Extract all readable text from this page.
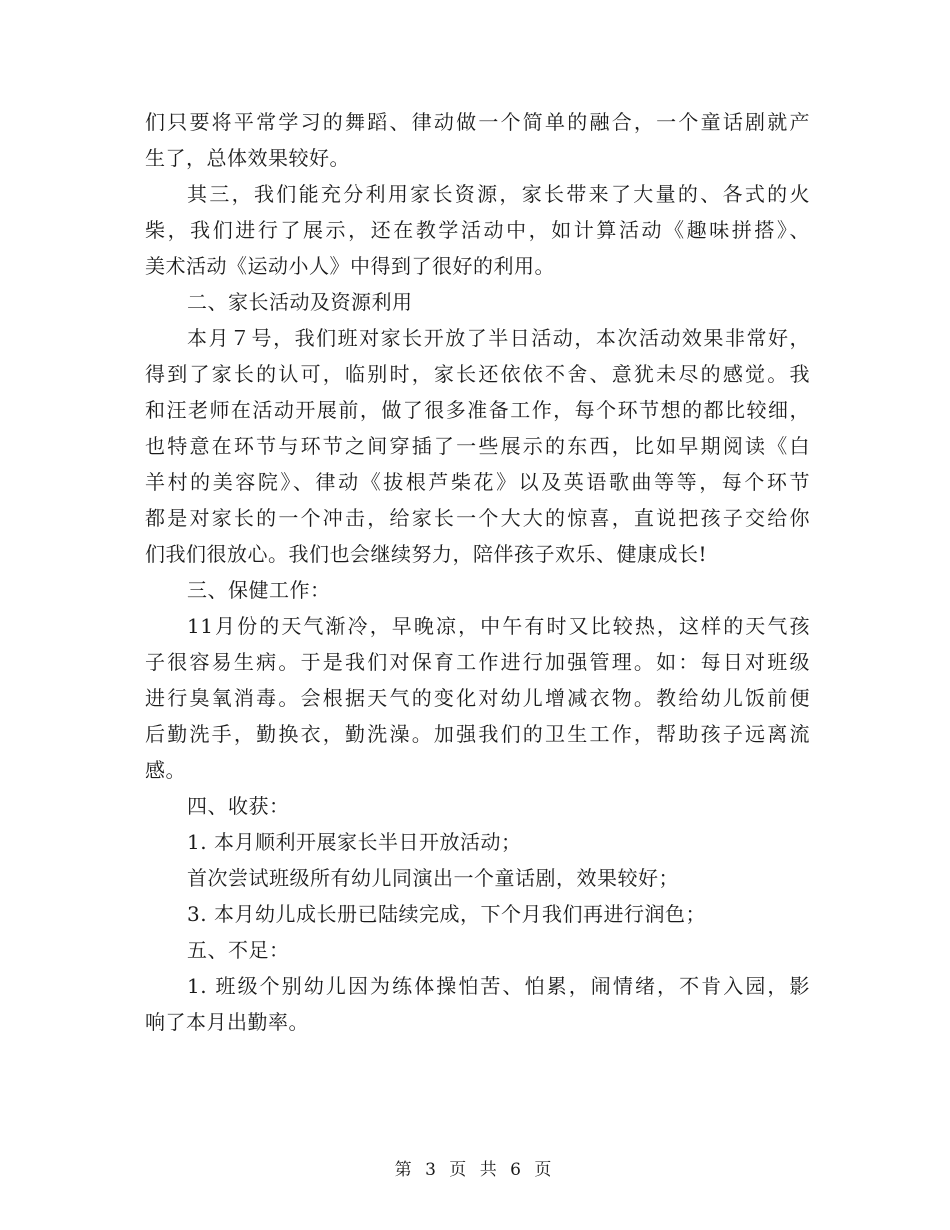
们只要将平常学习的舞蹈、律动做一个简单的融合，一个童话剧就产
生了，总体效果较好。
其三，我们能充分利用家长资源，家长带来了大量的、各式的火
柴，我们进行了展示，还在教学活动中，如计算活动《趣味拼搭》、
美术活动《运动小人》中得到了很好的利用。
二、家长活动及资源利用
本月７号，我们班对家长开放了半日活动，本次活动效果非常好，
得到了家长的认可，临别时，家长还依依不舍、意犹未尽的感觉。我
和汪老师在活动开展前，做了很多准备工作，每个环节想的都比较细，
也特意在环节与环节之间穿插了一些展示的东西，比如早期阅读《白
羊村的美容院》、律动《拔根芦柴花》以及英语歌曲等等，每个环节
都是对家长的一个冲击，给家长一个大大的惊喜，直说把孩子交给你
们我们很放心。我们也会继续努力，陪伴孩子欢乐、健康成长!
三、保健工作：
11月份的天气渐冷，早晚凉，中午有时又比较热，这样的天气孩
子很容易生病。于是我们对保育工作进行加强管理。如：每日对班级
进行臭氧消毒。会根据天气的变化对幼儿增减衣物。教给幼儿饭前便
后勤洗手，勤换衣，勤洗澡。加强我们的卫生工作，帮助孩子远离流
感。
四、收获：
1. 本月顺利开展家长半日开放活动；
首次尝试班级所有幼儿同演出一个童话剧，效果较好；
3. 本月幼儿成长册已陆续完成，下个月我们再进行润色；
五、不足：
1. 班级个别幼儿因为练体操怕苦、怕累，闹情绪，不肯入园，影
响了本月出勤率。
第 3 页 共 6 页
